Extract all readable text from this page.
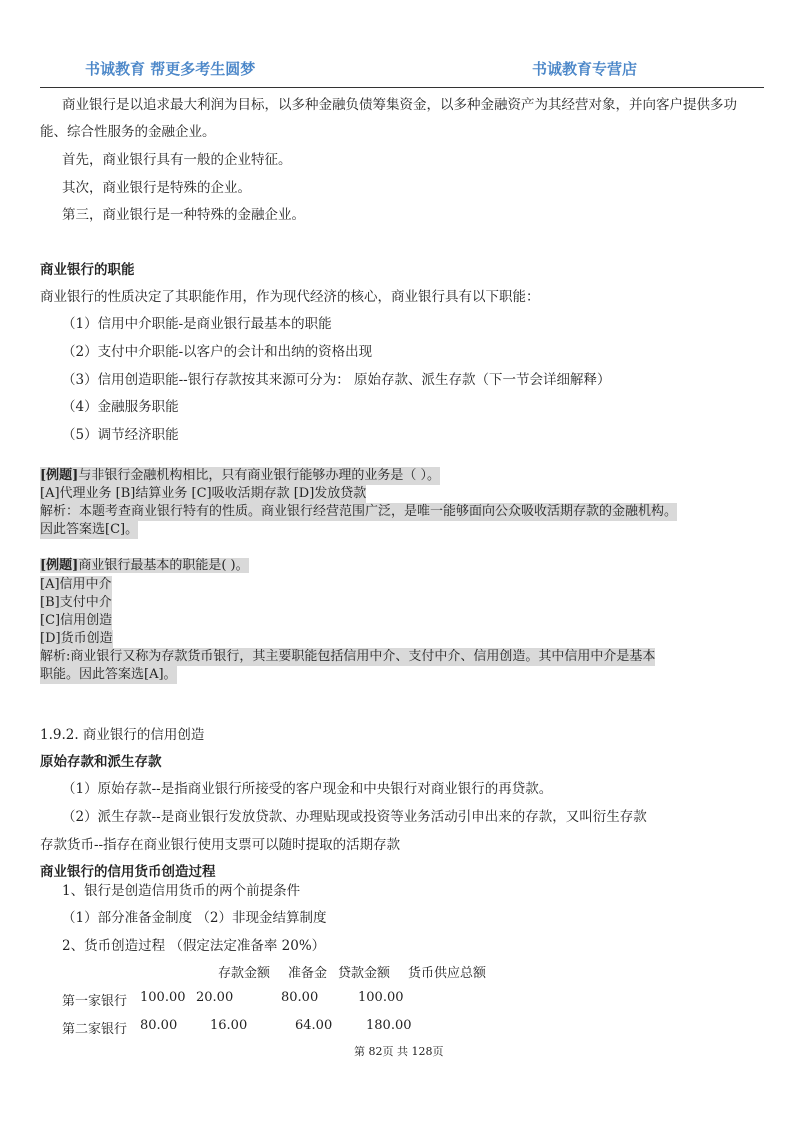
书诚教育 帮更多考生圆梦	书诚教育专营店
商业银行是以追求最大利润为目标，以多种金融负债筹集资金，以多种金融资产为其经营对象，并向客户提供多功
能、综合性服务的金融企业。
首先，商业银行具有一般的企业特征。
其次，商业银行是特殊的企业。
第三，商业银行是一种特殊的金融企业。
商业银行的职能
商业银行的性质决定了其职能作用，作为现代经济的核心，商业银行具有以下职能：
（1）信用中介职能-是商业银行最基本的职能
（2）支付中介职能-以客户的会计和出纳的资格出现
（3）信用创造职能--银行存款按其来源可分为： 原始存款、派生存款（下一节会详细解释）
（4）金融服务职能
（5）调节经济职能
[例题]与非银行金融机构相比，只有商业银行能够办理的业务是（ ）。
[A]代理业务 [B]结算业务 [C]吸收活期存款 [D]发放贷款
解析：本题考查商业银行特有的性质。商业银行经营范围广泛，是唯一能够面向公众吸收活期存款的金融机构。
因此答案选[C]。
[例题]商业银行最基本的职能是( )。
[A]信用中介
[B]支付中介
[C]信用创造
[D]货币创造
解析:商业银行又称为存款货币银行，其主要职能包括信用中介、支付中介、信用创造。其中信用中介是基本
职能。因此答案选[A]。
1.9.2. 商业银行的信用创造
原始存款和派生存款
（1）原始存款--是指商业银行所接受的客户现金和中央银行对商业银行的再贷款。
（2）派生存款--是商业银行发放贷款、办理贴现或投资等业务活动引申出来的存款，又叫衍生存款
存款货币--指存在商业银行使用支票可以随时提取的活期存款
商业银行的信用货币创造过程
1、银行是创造信用货币的两个前提条件
（1）部分准备金制度 （2）非现金结算制度
2、货币创造过程 （假定法定准备率 20%）
存款金额 准备金 贷款金额 货币供应总额
第一家银行 100.00 20.00	80.00	100.00
第二家银行 80.00	16.00	64.00	180.00
第 82页 共 128页
